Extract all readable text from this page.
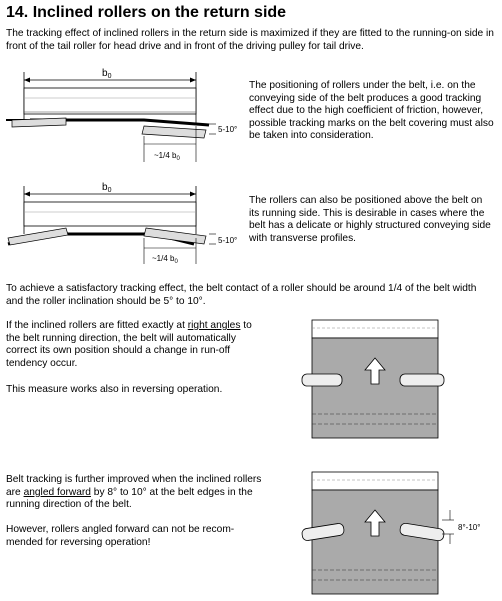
14. Inclined rollers on the return side

The tracking effect of inclined rollers in the return side is maximized if they are fitted to the running-on side in front of the tail roller for head drive and in front of the driving pulley for tail drive.

$b_0$
5-10°
~1/4 $b_0$

The positioning of rollers under the belt, i.e. on the conveying side of the belt produces a good tracking effect due to the high coefficient of friction, however, possible tracking marks on the belt covering must also be taken into consideration.

$b_0$
5-10°
~1/4 $b_0$

The rollers can also be positioned above the belt on its running side. This is desirable in cases where the belt has a delicate or highly structured conveying side with transverse profiles.

To achieve a satisfactory tracking effect, the belt contact of a roller should be around 1/4 of the belt width and the roller inclination should be 5° to 10°.

If the inclined rollers are fitted exactly at right angles to the belt running direction, the belt will automatically correct its own position should a change in run-off tendency occur.

This measure works also in reversing operation.

Belt tracking is further improved when the inclined rollers are angled forward by 8° to 10° at the belt edges in the running direction of the belt.

However, rollers angled forward can not be recom-mended for reversing operation!

8°-10°
